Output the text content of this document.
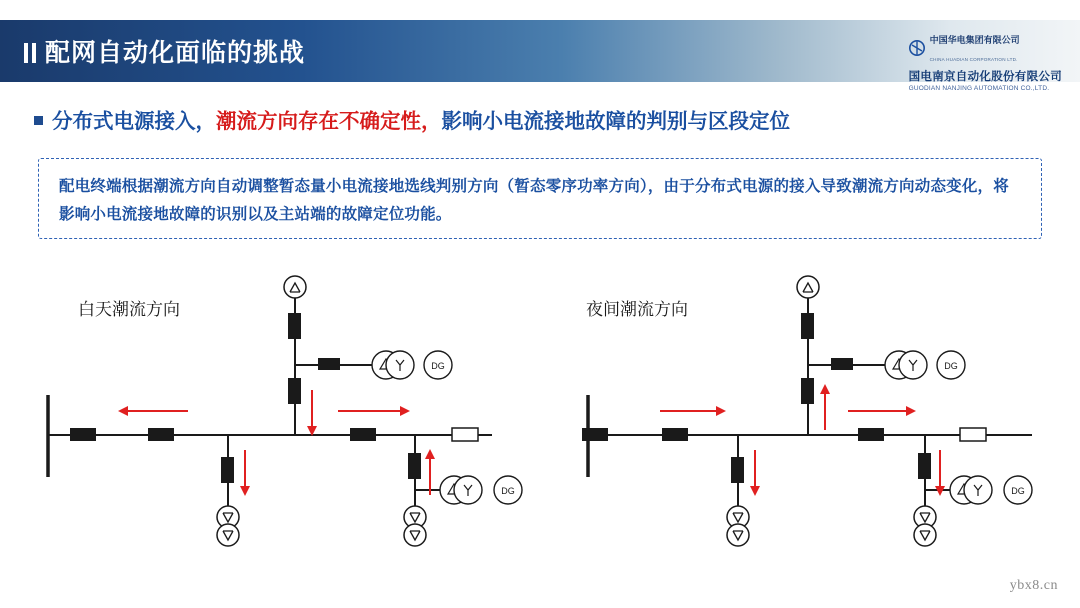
配网自动化面临的挑战	中国华电集团有限公司
CHINA HUADIAN CORPORATION LTD.
国电南京自动化股份有限公司
GUODIAN NANJING AUTOMATION CO.,LTD.
分布式电源接入，潮流方向存在不确定性，影响小电流接地故障的判别与区段定位

配电终端根据潮流方向自动调整暂态量小电流接地选线判别方向（暂态零序功率方向），由于分布式电源的接入导致潮流方向动态变化，将影响小电流接地故障的识别以及主站端的故障定位功能。

白天潮流方向	夜间潮流方向
DG
DG
DG
DG
ybx8.cn
